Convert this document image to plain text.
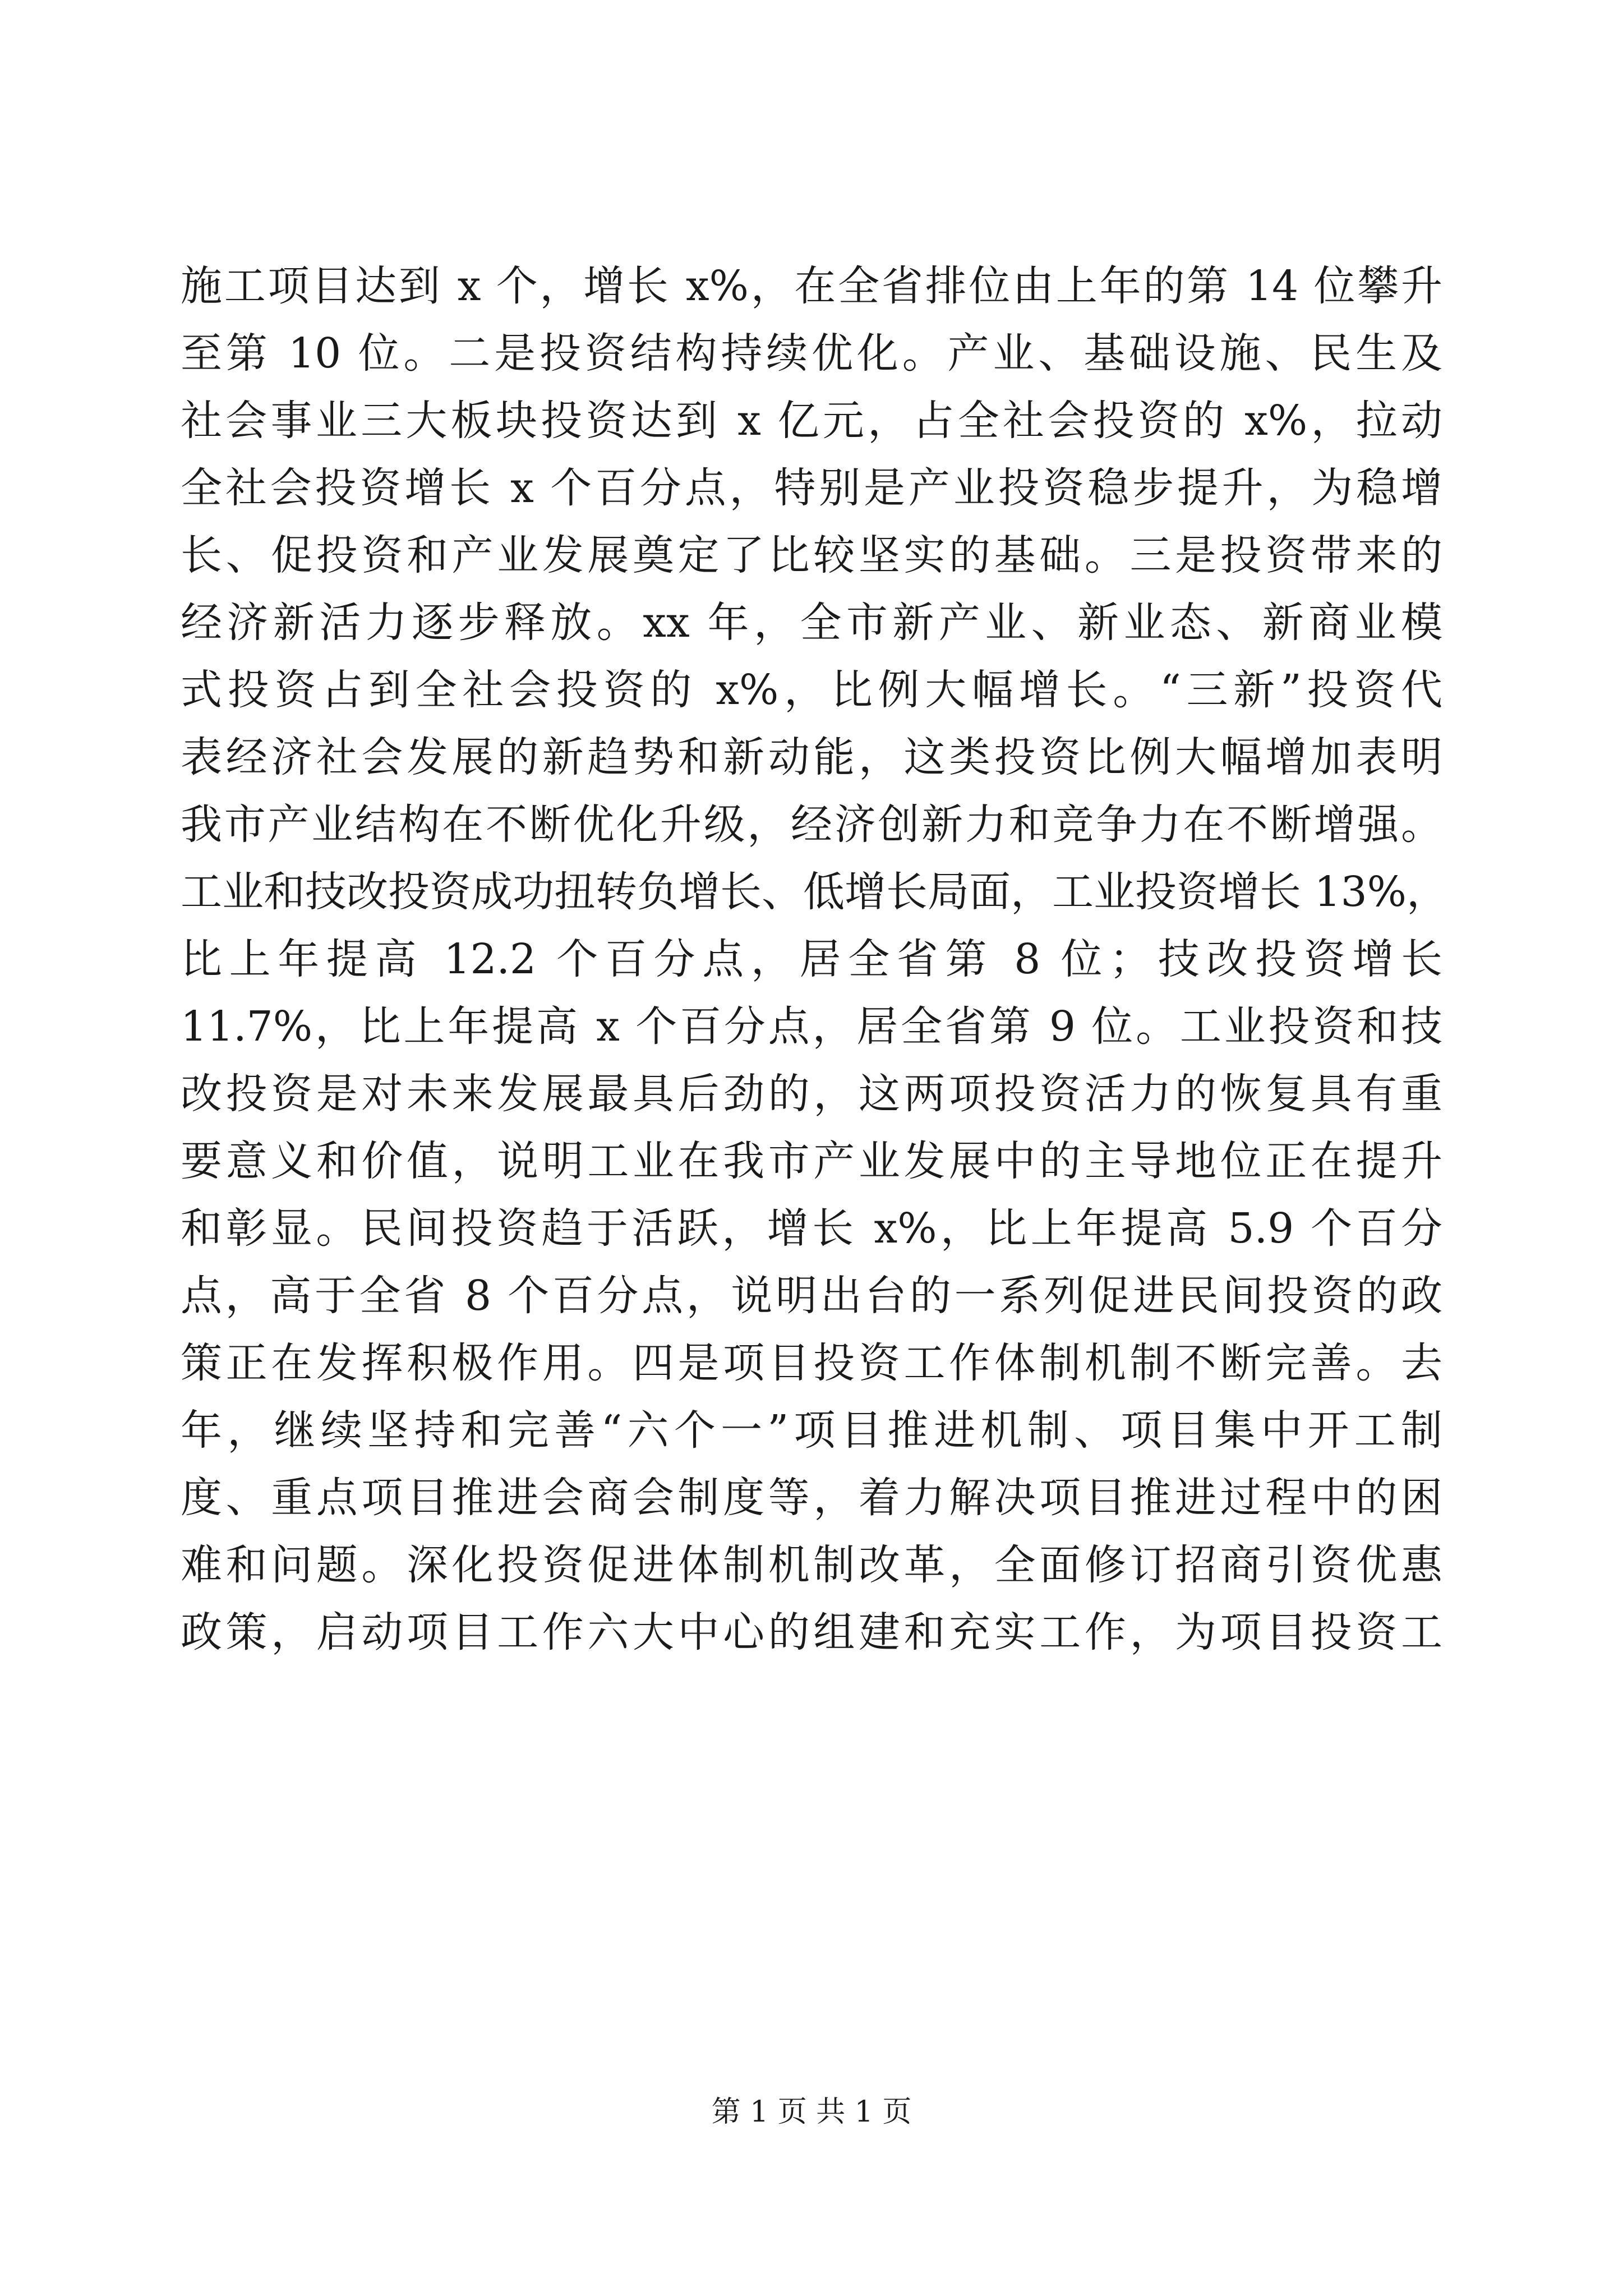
施工项目达到 x 个，增长 x%，在全省排位由上年的第 14 位攀升
至第 10 位。二是投资结构持续优化。产业、基础设施、民生及
社会事业三大板块投资达到 x 亿元，占全社会投资的 x%，拉动
全社会投资增长 x 个百分点，特别是产业投资稳步提升，为稳增
长、促投资和产业发展奠定了比较坚实的基础。三是投资带来的
经济新活力逐步释放。xx 年，全市新产业、新业态、新商业模
式投资占到全社会投资的 x%，比例大幅增长。“三新”投资代
表经济社会发展的新趋势和新动能，这类投资比例大幅增加表明
我市产业结构在不断优化升级，经济创新力和竞争力在不断增强。
工业和技改投资成功扭转负增长、低增长局面，工业投资增长 13%，
比上年提高 12.2 个百分点，居全省第 8 位；技改投资增长
11.7%，比上年提高 x 个百分点，居全省第 9 位。工业投资和技
改投资是对未来发展最具后劲的，这两项投资活力的恢复具有重
要意义和价值，说明工业在我市产业发展中的主导地位正在提升
和彰显。民间投资趋于活跃，增长 x%，比上年提高 5.9 个百分
点，高于全省 8 个百分点，说明出台的一系列促进民间投资的政
策正在发挥积极作用。四是项目投资工作体制机制不断完善。去
年，继续坚持和完善“六个一”项目推进机制、项目集中开工制
度、重点项目推进会商会制度等，着力解决项目推进过程中的困
难和问题。深化投资促进体制机制改革，全面修订招商引资优惠
政策，启动项目工作六大中心的组建和充实工作，为项目投资工
第 1 页 共 1 页
